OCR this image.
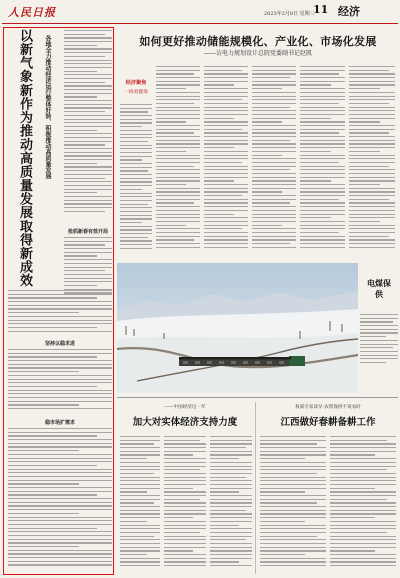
人民日报	2023年2月8日 星期三
11 经济
以新气象新作为推动高质量发展取得新成效	各地全力推动经济运行整体好转、积极推动高质量发展
抢抓新春有效开局
坚持以稳求进
稳市场扩需求
如何更好推动储能规模化、产业化、市场化发展
——访电力规划设计总院党委副书记赵凯
经济聚焦
一线看健康
电煤保供
——中国经济这一年
加大对实体经济支持力度
权威专家谈早·农资保供不误农时
江西做好春耕备耕工作
